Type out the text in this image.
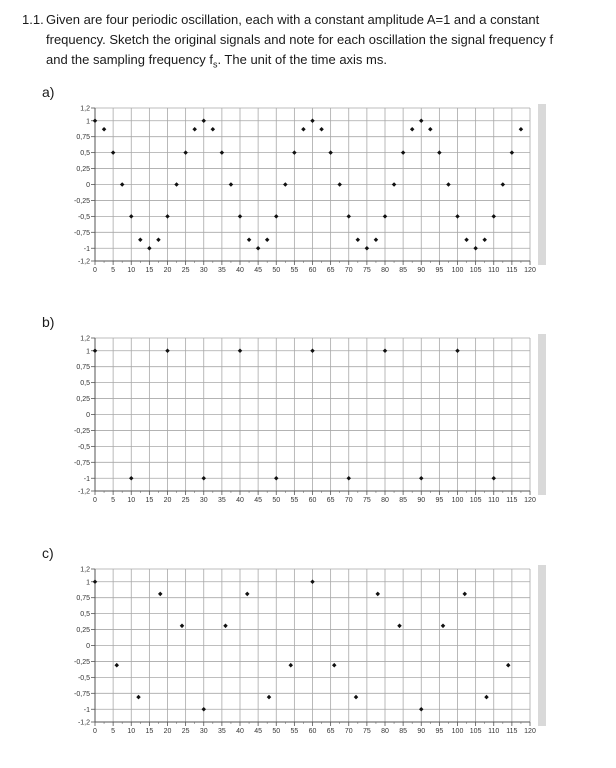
1.1. Given are four periodic oscillation, each with a constant amplitude A=1 and a constant
frequency. Sketch the original signals and note for each oscillation the signal frequency f
and the sampling frequency $f_s$. The unit of the time axis ms.
a)
0 5 10 15 20 25 30 35 40 45 50 55 60 65 70 75 80 85 90 95 100 105 110 115 120
1,2
1
0,75
0,5
0,25
0
-0,25
-0,5
-0,75
-1
-1,2
b)
0 5 10 15 20 25 30 35 40 45 50 55 60 65 70 75 80 85 90 95 100 105 110 115 120
1,2
1
0,75
0,5
0,25
0
-0,25
-0,5
-0,75
-1
-1,2
c)
0 5 10 15 20 25 30 35 40 45 50 55 60 65 70 75 80 85 90 95 100 105 110 115 120
1,2
1
0,75
0,5
0,25
0
-0,25
-0,5
-0,75
-1
-1,2
